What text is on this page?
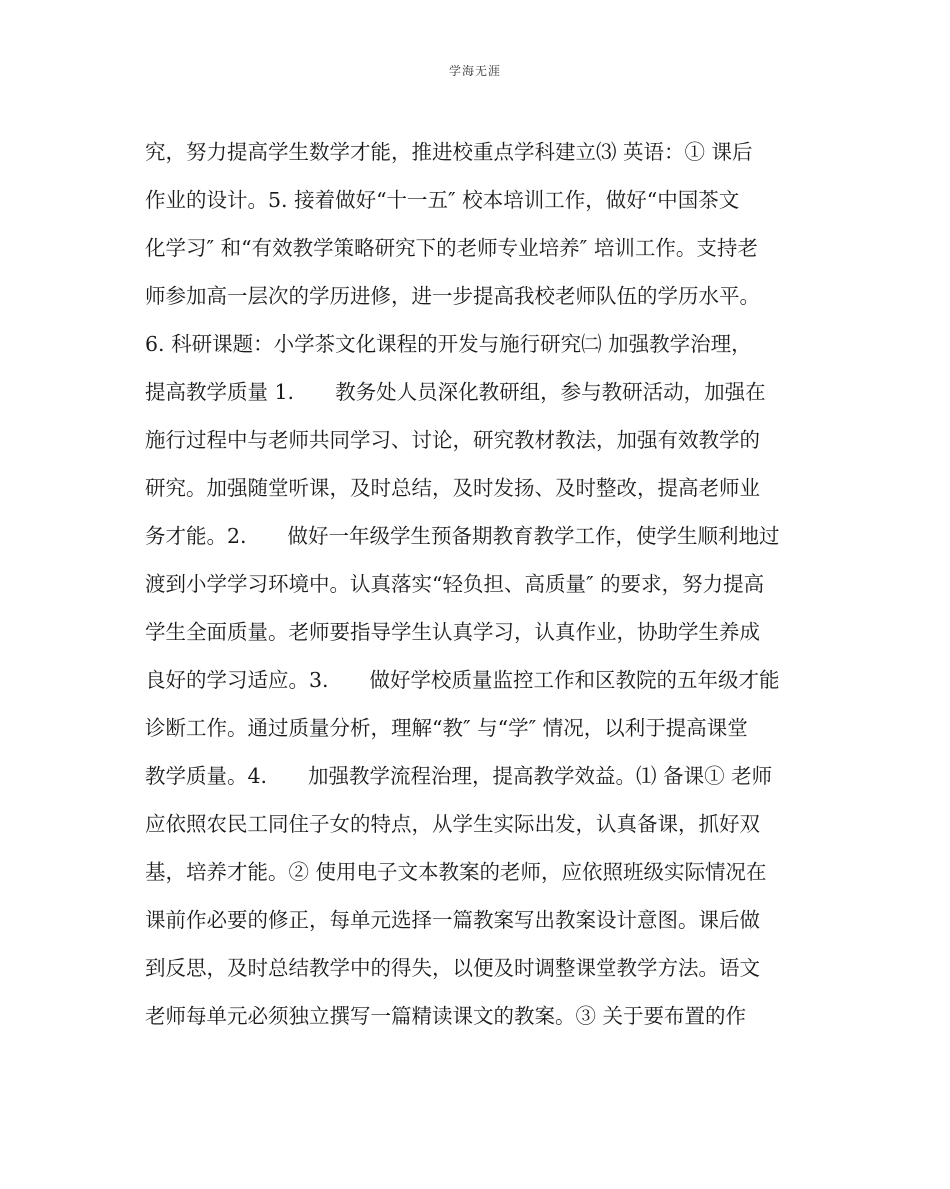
学海无涯
究，努力提高学生数学才能，推进校重点学科建立⑶ 英语：① 课后
作业的设计。5. 接着做好“十一五″ 校本培训工作，做好“中国茶文
化学习″ 和“有效教学策略研究下的老师专业培养″ 培训工作。支持老
师参加高一层次的学历进修，进一步提高我校老师队伍的学历水平。
6. 科研课题：小学茶文化课程的开发与施行研究㈡ 加强教学治理，
提高教学质量 1.　　教务处人员深化教研组，参与教研活动，加强在
施行过程中与老师共同学习、讨论，研究教材教法，加强有效教学的
研究。加强随堂听课，及时总结，及时发扬、及时整改，提高老师业
务才能。2.　　做好一年级学生预备期教育教学工作，使学生顺利地过
渡到小学学习环境中。认真落实“轻负担、高质量″ 的要求，努力提高
学生全面质量。老师要指导学生认真学习，认真作业，协助学生养成
良好的学习适应。3.　　做好学校质量监控工作和区教院的五年级才能
诊断工作。通过质量分析，理解“教″ 与“学″ 情况，以利于提高课堂
教学质量。4.　　加强教学流程治理，提高教学效益。⑴ 备课① 老师
应依照农民工同住子女的特点，从学生实际出发，认真备课，抓好双
基，培养才能。② 使用电子文本教案的老师，应依照班级实际情况在
课前作必要的修正，每单元选择一篇教案写出教案设计意图。课后做
到反思，及时总结教学中的得失，以便及时调整课堂教学方法。语文
老师每单元必须独立撰写一篇精读课文的教案。③ 关于要布置的作
